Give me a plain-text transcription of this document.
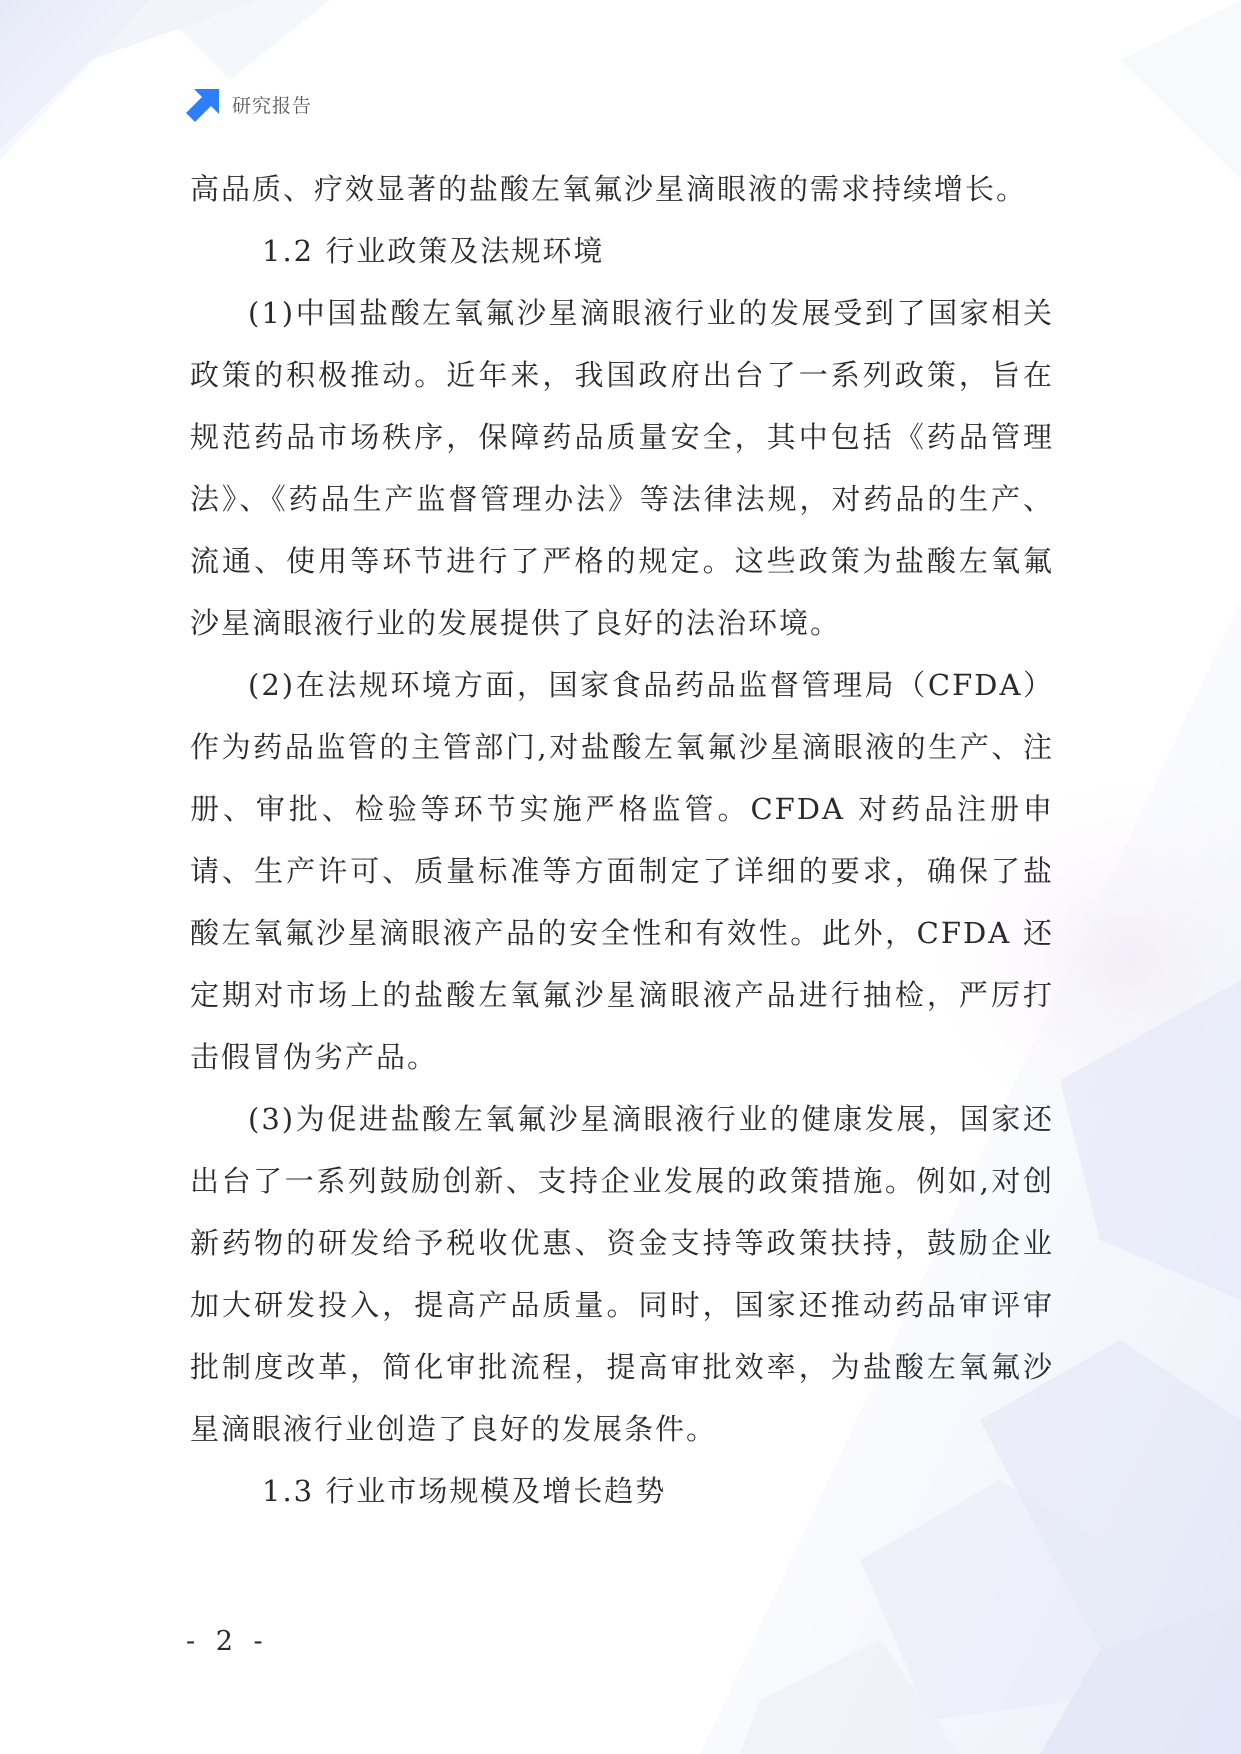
研究报告

高品质、疗效显著的盐酸左氧氟沙星滴眼液的需求持续增长。

1.2 行业政策及法规环境

(1)中国盐酸左氧氟沙星滴眼液行业的发展受到了国家相关政策的积极推动。近年来，我国政府出台了一系列政策，旨在规范药品市场秩序，保障药品质量安全，其中包括《药品管理法》、《药品生产监督管理办法》等法律法规，对药品的生产、流通、使用等环节进行了严格的规定。这些政策为盐酸左氧氟沙星滴眼液行业的发展提供了良好的法治环境。

(2)在法规环境方面，国家食品药品监督管理局（CFDA）作为药品监管的主管部门,对盐酸左氧氟沙星滴眼液的生产、注册、审批、检验等环节实施严格监管。CFDA 对药品注册申请、生产许可、质量标准等方面制定了详细的要求，确保了盐酸左氧氟沙星滴眼液产品的安全性和有效性。此外，CFDA 还定期对市场上的盐酸左氧氟沙星滴眼液产品进行抽检，严厉打击假冒伪劣产品。

(3)为促进盐酸左氧氟沙星滴眼液行业的健康发展，国家还出台了一系列鼓励创新、支持企业发展的政策措施。例如,对创新药物的研发给予税收优惠、资金支持等政策扶持，鼓励企业加大研发投入，提高产品质量。同时，国家还推动药品审评审批制度改革，简化审批流程，提高审批效率，为盐酸左氧氟沙星滴眼液行业创造了良好的发展条件。

1.3 行业市场规模及增长趋势
- 2 -
